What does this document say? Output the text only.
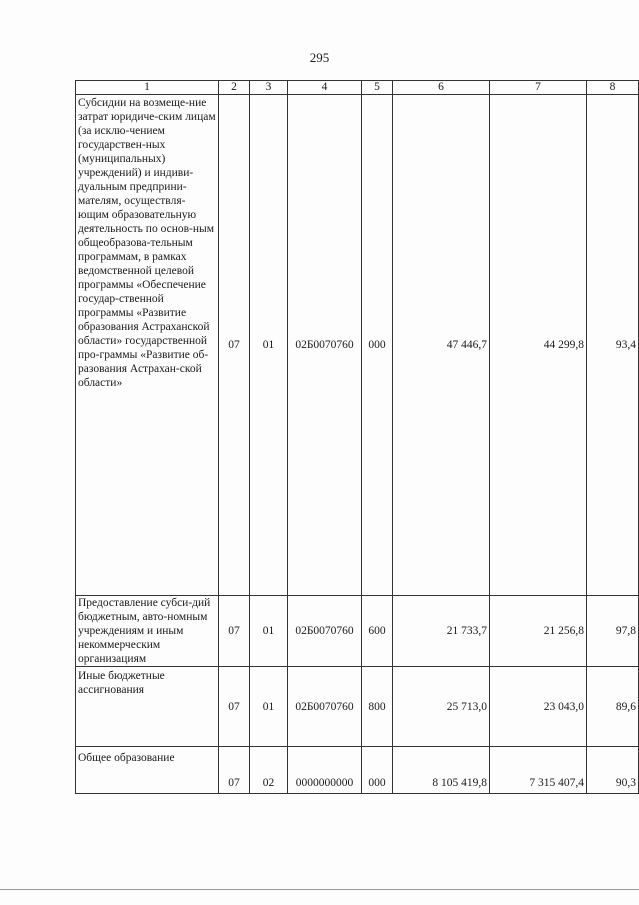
295
1	2	3	4	5	6	7	8
Субсидии на возмеще-ние затрат юридиче-ским лицам (за исклю-чением государствен-ных (муниципальных) учреждений) и индиви-дуальным предприни-мателям, осуществля-ющим образовательную деятельность по основ-ным общеобразова-тельным программам, в рамках ведомственной целевой программы «Обеспечение государ-ственной программы «Развитие образования Астраханской области» государственной про-граммы «Развитие об-разования Астрахан-ской области»	07	01	02Б0070760	000	47 446,7	44 299,8	93,4
Предоставление субси-дий бюджетным, авто-номным учреждениям и иным некоммерческим организациям	07	01	02Б0070760	600	21 733,7	21 256,8	97,8
Иные бюджетные ассигнования	07	01	02Б0070760	800	25 713,0	23 043,0	89,6
Общее образование	07	02	0000000000	000	8 105 419,8	7 315 407,4	90,3
